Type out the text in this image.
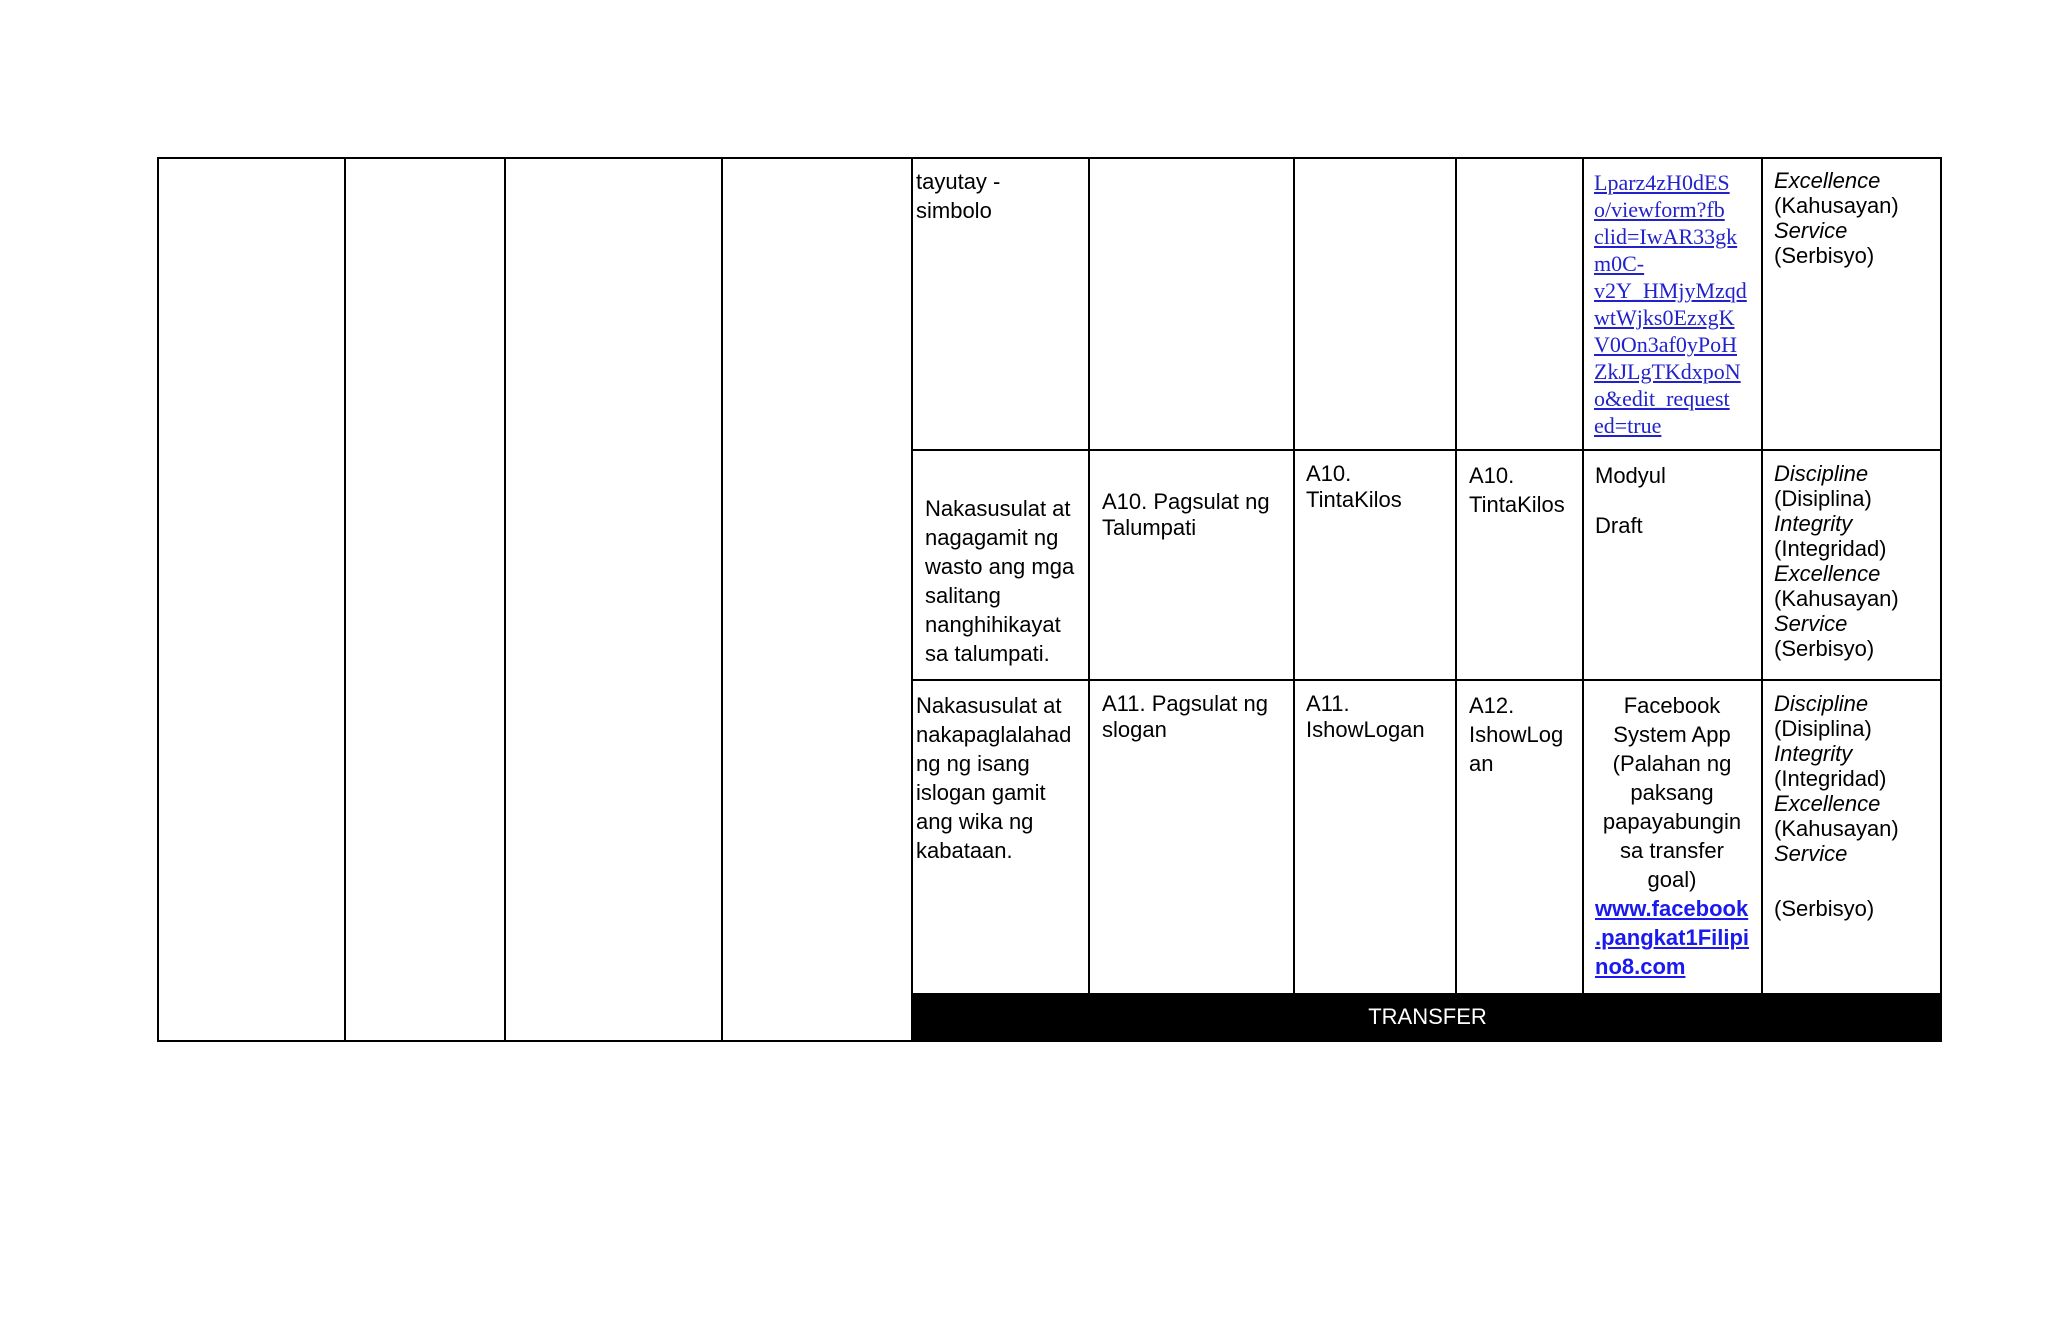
tayutay -
simbolo
Lparz4zH0dES
o/viewform?fb
clid=IwAR33gk
m0C-
v2Y_HMjyMzqd
wtWjks0EzxgK
V0On3af0yPoH
ZkJLgTKdxpoN
o&edit_request
ed=true
Excellence
(Kahusayan)
Service
(Serbisyo)
Nakasusulat at
nagagamit ng
wasto ang mga
salitang
nanghihikayat
sa talumpati.
A10. Pagsulat ng
Talumpati
A10.
TintaKilos
A10.
TintaKilos
Modyul
Draft
Discipline
(Disiplina)
Integrity
(Integridad)
Excellence
(Kahusayan)
Service
(Serbisyo)
Nakasusulat at
nakapaglalahad
ng ng isang
islogan gamit
ang wika ng
kabataan.
A11. Pagsulat ng
slogan
A11.
IshowLogan
A12.
IshowLog
an
Facebook
System App
(Palahan ng
paksang
papayabungin
sa transfer
goal)
www.facebook
.pangkat1Filipi
no8.com
Discipline
(Disiplina)
Integrity
(Integridad)
Excellence
(Kahusayan)
Service
(Serbisyo)
TRANSFER
